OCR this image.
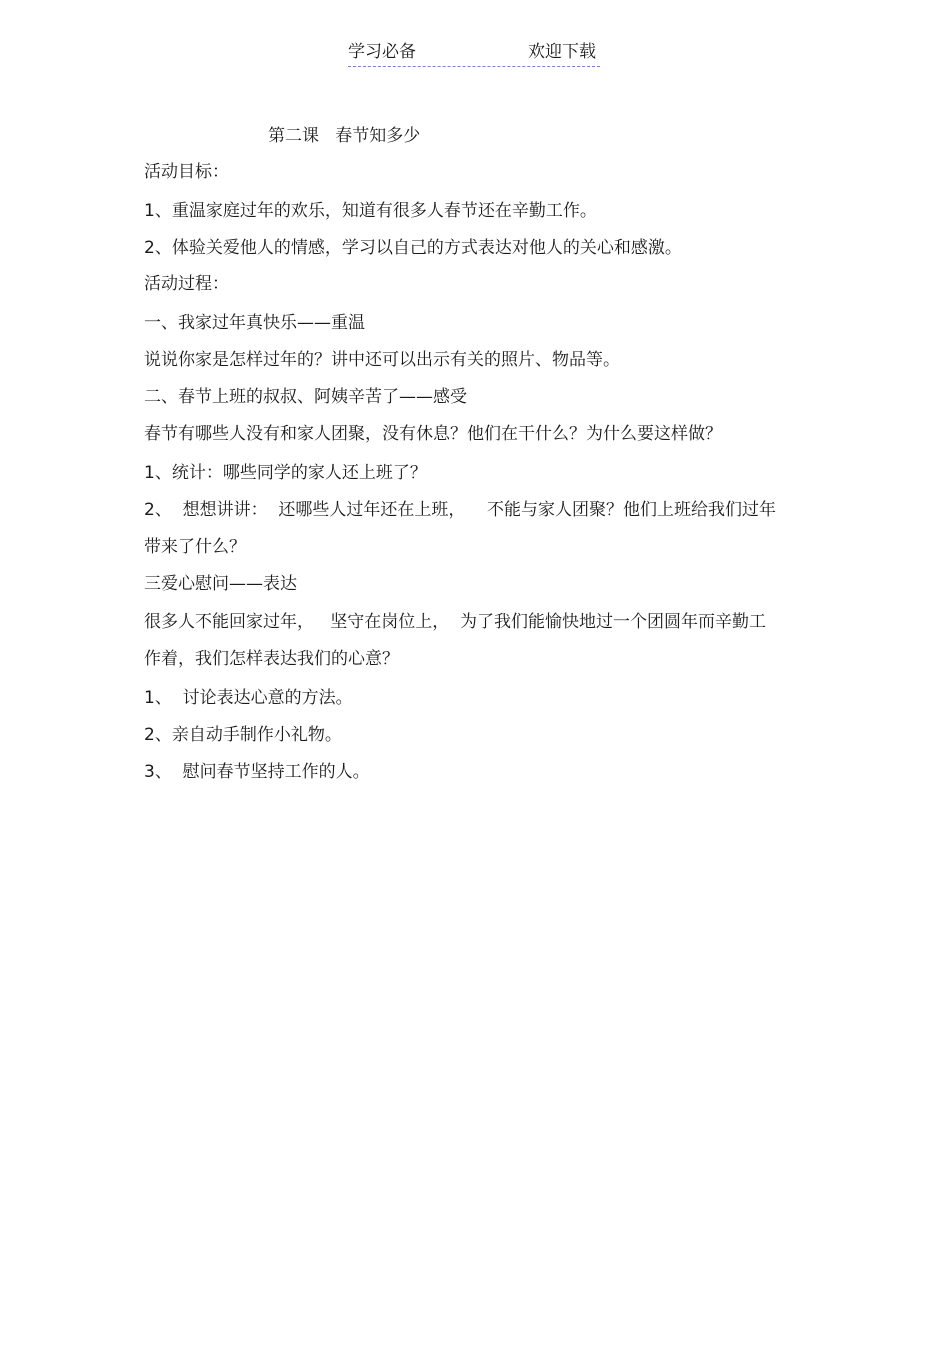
学习必备	欢迎下载
第二课   春节知多少
活动目标：
1、重温家庭过年的欢乐，知道有很多人春节还在辛勤工作。
2、体验关爱他人的情感，学习以自己的方式表达对他人的关心和感激。
活动过程：
一、我家过年真快乐——重温
说说你家是怎样过年的？讲中还可以出示有关的照片、物品等。
二、春节上班的叔叔、阿姨辛苦了——感受
春节有哪些人没有和家人团聚，没有休息？他们在干什么？为什么要这样做？
1、统计：哪些同学的家人还上班了？
2、  想想讲讲：  还哪些人过年还在上班，    不能与家人团聚？他们上班给我们过年
带来了什么？
三爱心慰问——表达
很多人不能回家过年，   坚守在岗位上，  为了我们能愉快地过一个团圆年而辛勤工
作着，我们怎样表达我们的心意？
1、  讨论表达心意的方法。
2、亲自动手制作小礼物。
3、  慰问春节坚持工作的人。
